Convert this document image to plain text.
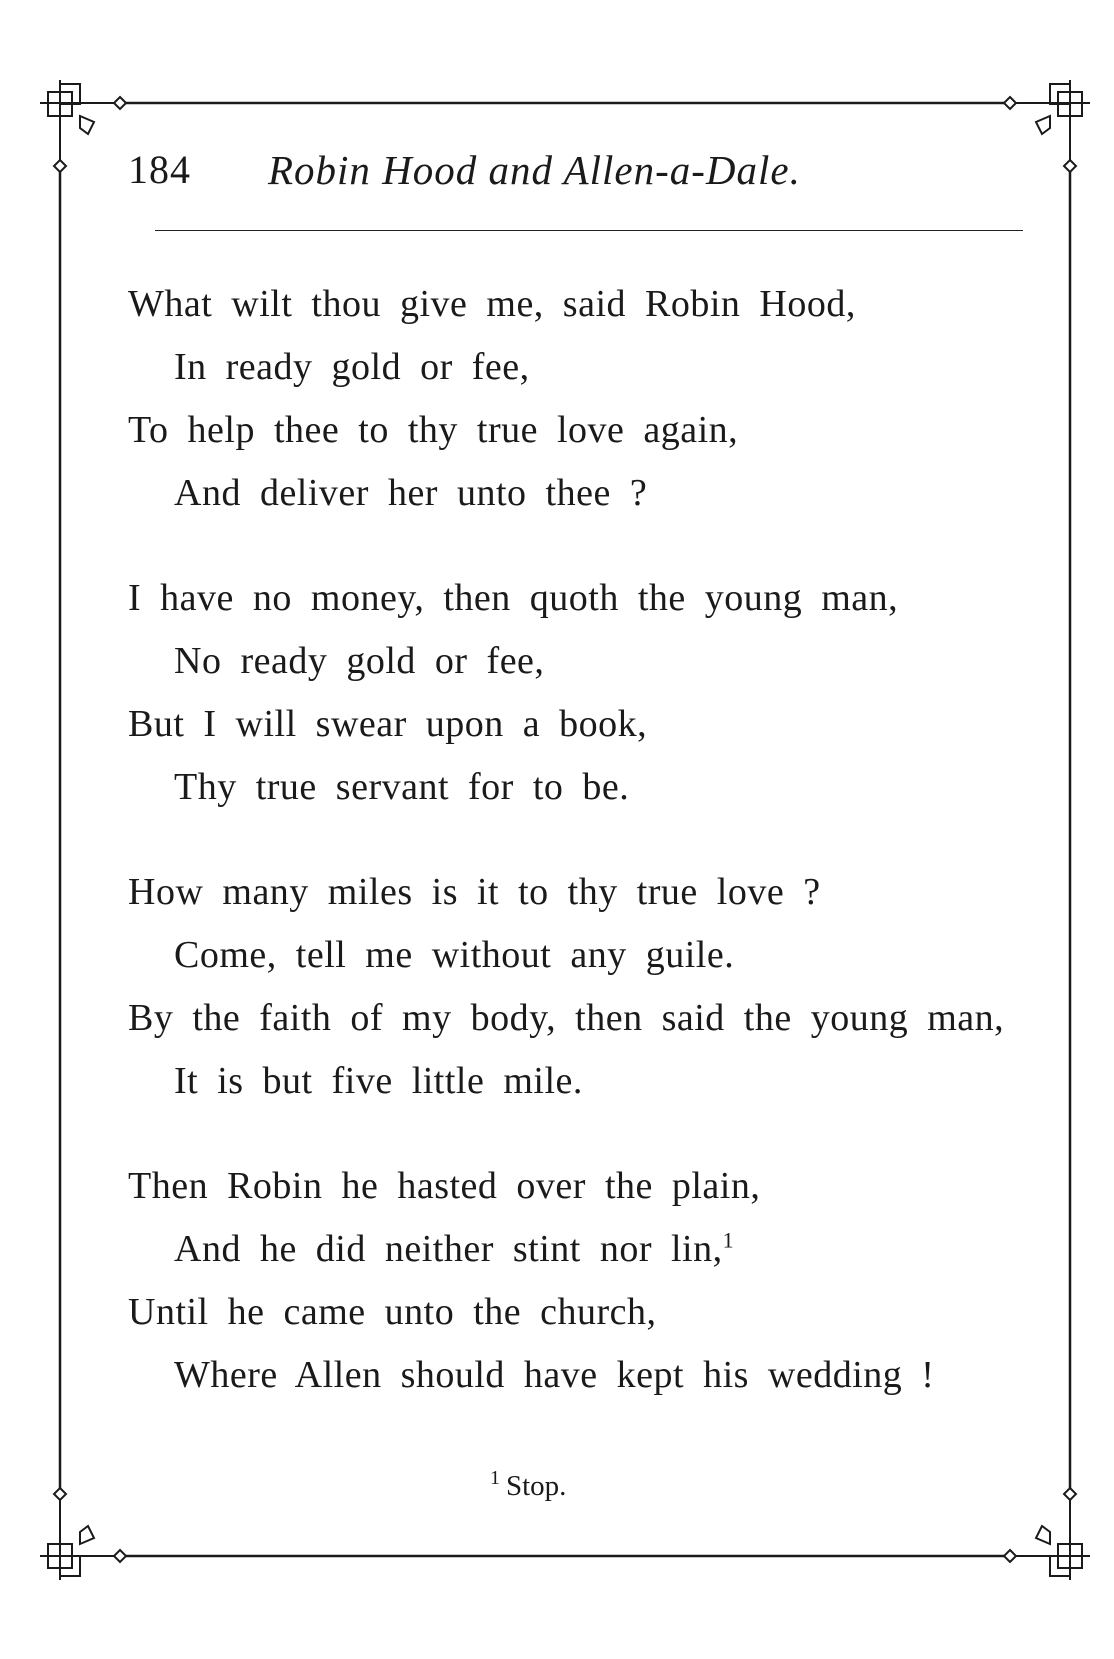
184 Robin Hood and Allen-a-Dale.
What wilt thou give me, said Robin Hood,
In ready gold or fee,
To help thee to thy true love again,
And deliver her unto thee ?
I have no money, then quoth the young man,
No ready gold or fee,
But I will swear upon a book,
Thy true servant for to be.
How many miles is it to thy true love ?
Come, tell me without any guile.
By the faith of my body, then said the young man,
It is but five little mile.
Then Robin he hasted over the plain,
And he did neither stint nor lin,$^1$
Until he came unto the church,
Where Allen should have kept his wedding !
$^1$ Stop.
